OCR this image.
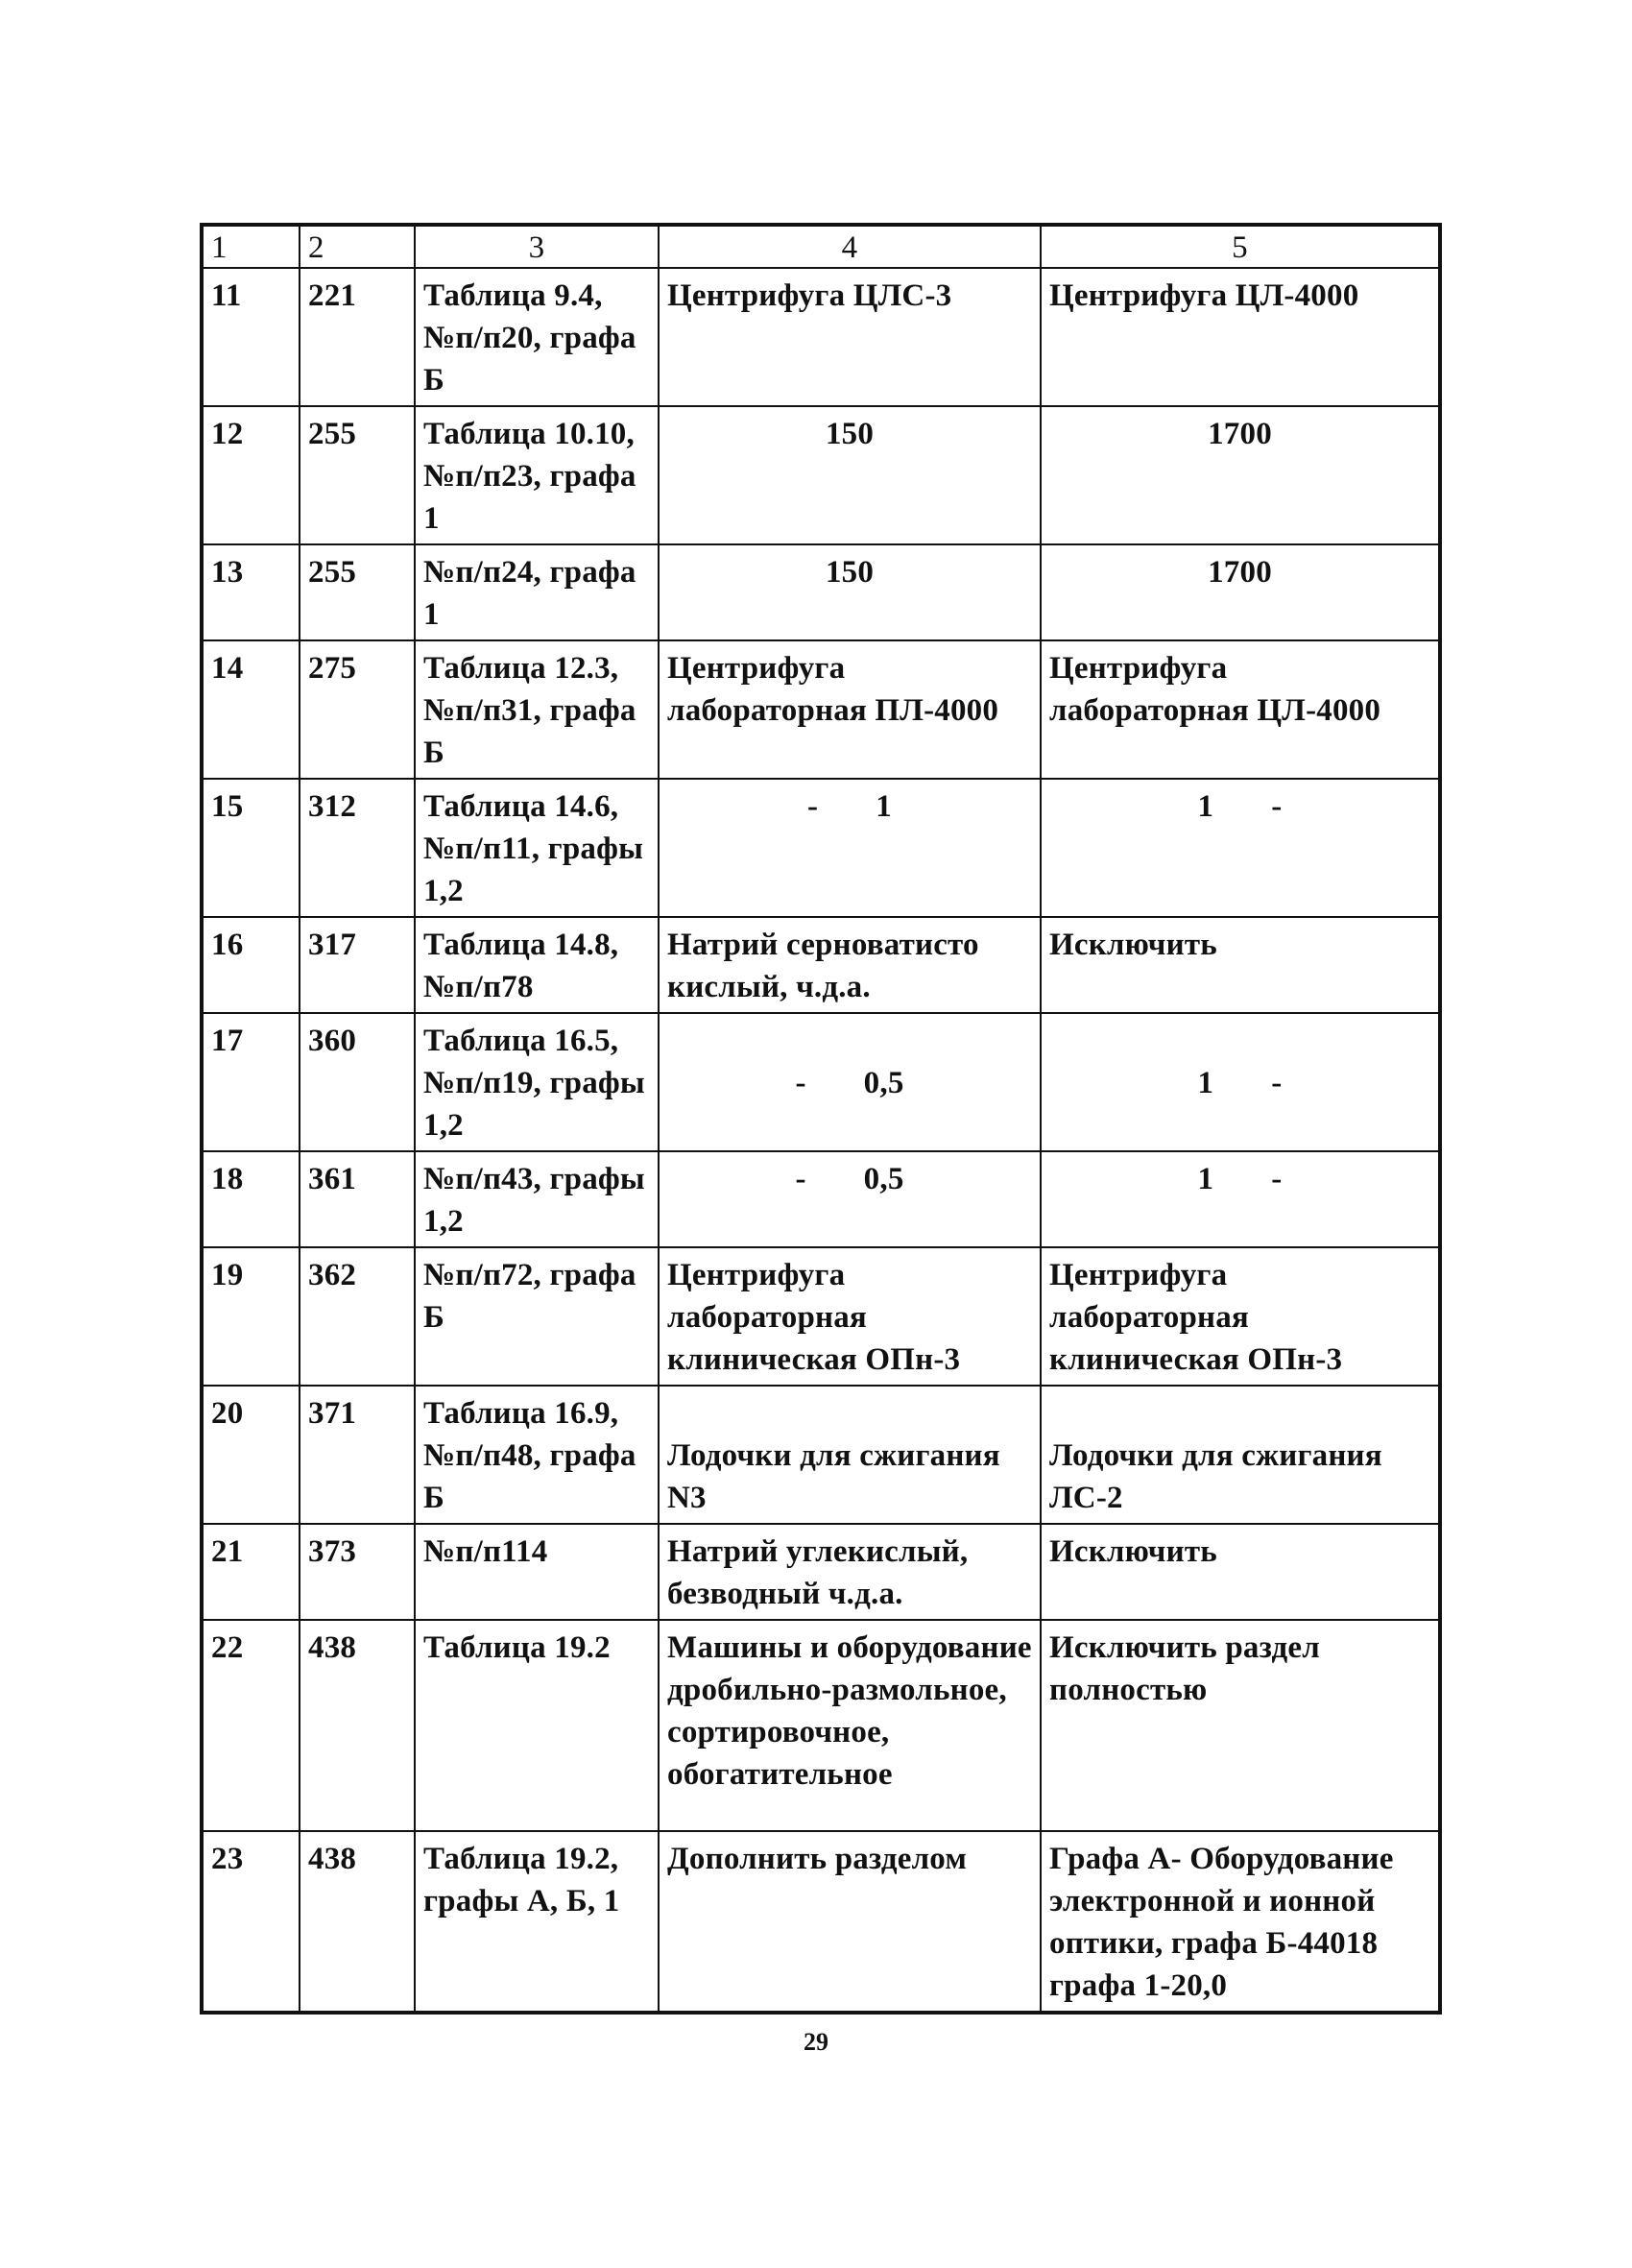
1	2	3	4	5
11	221	Таблица 9.4, №п/п20, графа Б	Центрифуга ЦЛС-3	Центрифуга ЦЛ-4000
12	255	Таблица 10.10, №п/п23, графа 1	150	1700
13	255	№п/п24, графа 1	150	1700
14	275	Таблица 12.3, №п/п31, графа Б	Центрифуга лабораторная ПЛ-4000	Центрифуга лабораторная ЦЛ-4000
15	312	Таблица 14.6, №п/п11, графы 1,2	- 1	1 -

16	317	Таблица 14.8, №п/п78	Натрий серноватисто кислый, ч.д.а.	Исключить
17	360	Таблица 16.5, №п/п19, графы 1,2	- 0,5	1 -

18	361	№п/п43, графы 1,2	- 0,5	1 -

19	362	№п/п72, графа Б	Центрифуга лабораторная клиническая ОПн-3	Центрифуга лабораторная клиническая ОПн-3
20	371	Таблица 16.9, №п/п48, графа Б	Лодочки для сжигания N3	Лодочки для сжигания ЛС-2
21	373	№п/п114	Натрий углекислый, безводный ч.д.а.	Исключить
22	438	Таблица 19.2	Машины и оборудование дробильно-размольное, сортировочное, обогатительное	Исключить раздел полностью
23	438	Таблица 19.2, графы А, Б, 1	Дополнить разделом	Графа А- Оборудование электронной и ионной оптики, графа Б-44018 графа 1-20,0
29
